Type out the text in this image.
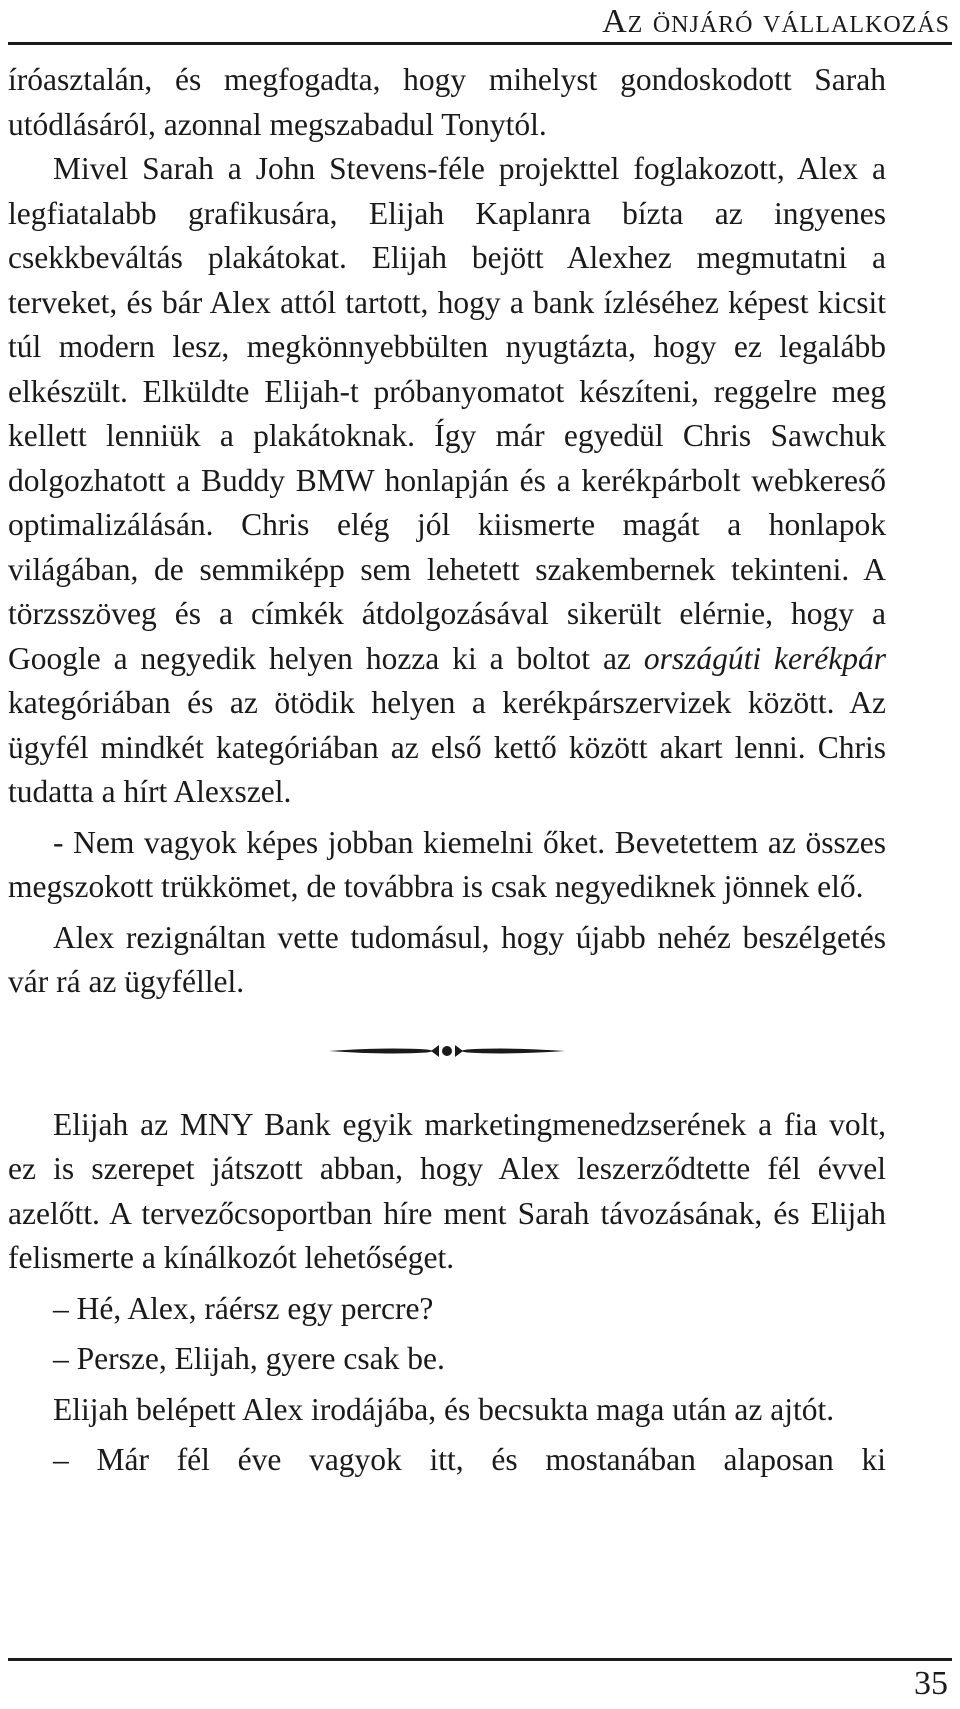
Az önjáró vállalkozás

íróasztalán, és megfogadta, hogy mihelyst gondoskodott Sarah utódlásáról, azonnal megszabadul Tonytól.

Mivel Sarah a John Stevens-féle projekttel foglakozott, Alex a legfiatalabb grafikusára, Elijah Kaplanra bízta az ingyenes csekkbeváltás plakátokat. Elijah bejött Alexhez megmutatni a terveket, és bár Alex attól tartott, hogy a bank ízléséhez képest kicsit túl modern lesz, megkönnyebbülten nyugtázta, hogy ez legalább elkészült. Elküldte Elijah-t próbanyomatot készíteni, reggelre meg kellett lenniük a plakátoknak. Így már egyedül Chris Sawchuk dolgozhatott a Buddy BMW honlapján és a kerékpárbolt webkereső optimalizálásán. Chris elég jól kiismerte magát a honlapok világában, de semmiképp sem lehetett szakembernek tekinteni. A törzsszöveg és a címkék átdolgozásával sikerült elérnie, hogy a Google a negyedik helyen hozza ki a boltot az országúti kerékpár kategóriában és az ötödik helyen a kerékpárszervizek között. Az ügyfél mindkét kategóriában az első kettő között akart lenni. Chris tudatta a hírt Alexszel.

- Nem vagyok képes jobban kiemelni őket. Bevetettem az összes megszokott trükkömet, de továbbra is csak negyediknek jönnek elő.

Alex rezignáltan vette tudomásul, hogy újabb nehéz beszélgetés vár rá az ügyféllel.

Elijah az MNY Bank egyik marketingmenedzserének a fia volt, ez is szerepet játszott abban, hogy Alex leszerződtette fél évvel azelőtt. A tervezőcsoportban híre ment Sarah távozásának, és Elijah felismerte a kínálkozót lehetőséget.

– Hé, Alex, ráérsz egy percre?

– Persze, Elijah, gyere csak be.

Elijah belépett Alex irodájába, és becsukta maga után az ajtót.

– Már fél éve vagyok itt, és mostanában alaposan ki

35
